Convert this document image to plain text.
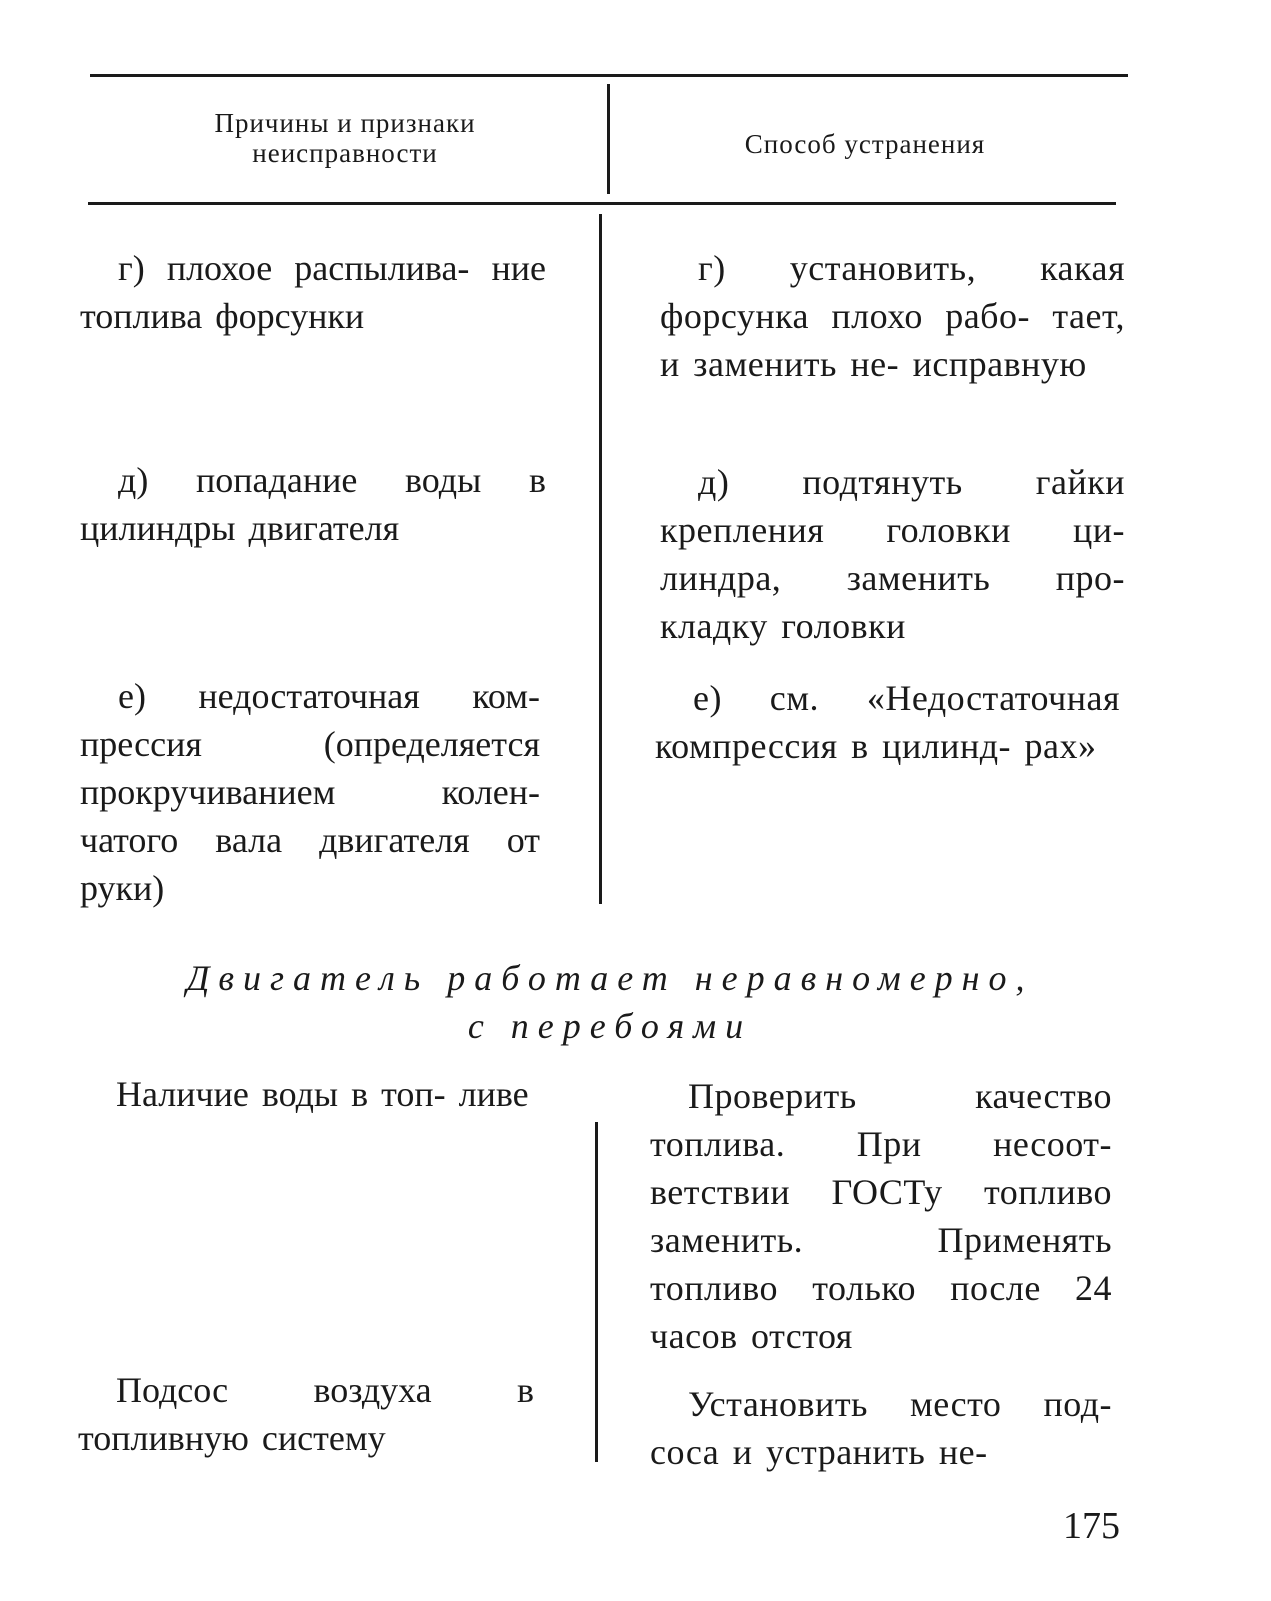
Причины и признаки неисправности	Способ устранения
г) плохое распылива- ние топлива форсунки
г) установить, какая форсунка плохо рабо- тает, и заменить не- исправную
д) попадание воды в цилиндры двигателя
д) подтянуть гайки крепления головки ци- линдра, заменить про- кладку головки
е) недостаточная ком- прессия (определяется прокручиванием колен- чатого вала двигателя от руки)
е) см. «Недостаточная компрессия в цилинд- рах»
Двигатель работает неравномерно,
с перебоями
Наличие воды в топ- ливе	Проверить качество топлива. При несоот- ветствии ГОСТу топливо заменить. Применять топливо только после 24 часов отстоя
Подсос воздуха в топливную систему
Установить место под- соса и устранить не-
175
